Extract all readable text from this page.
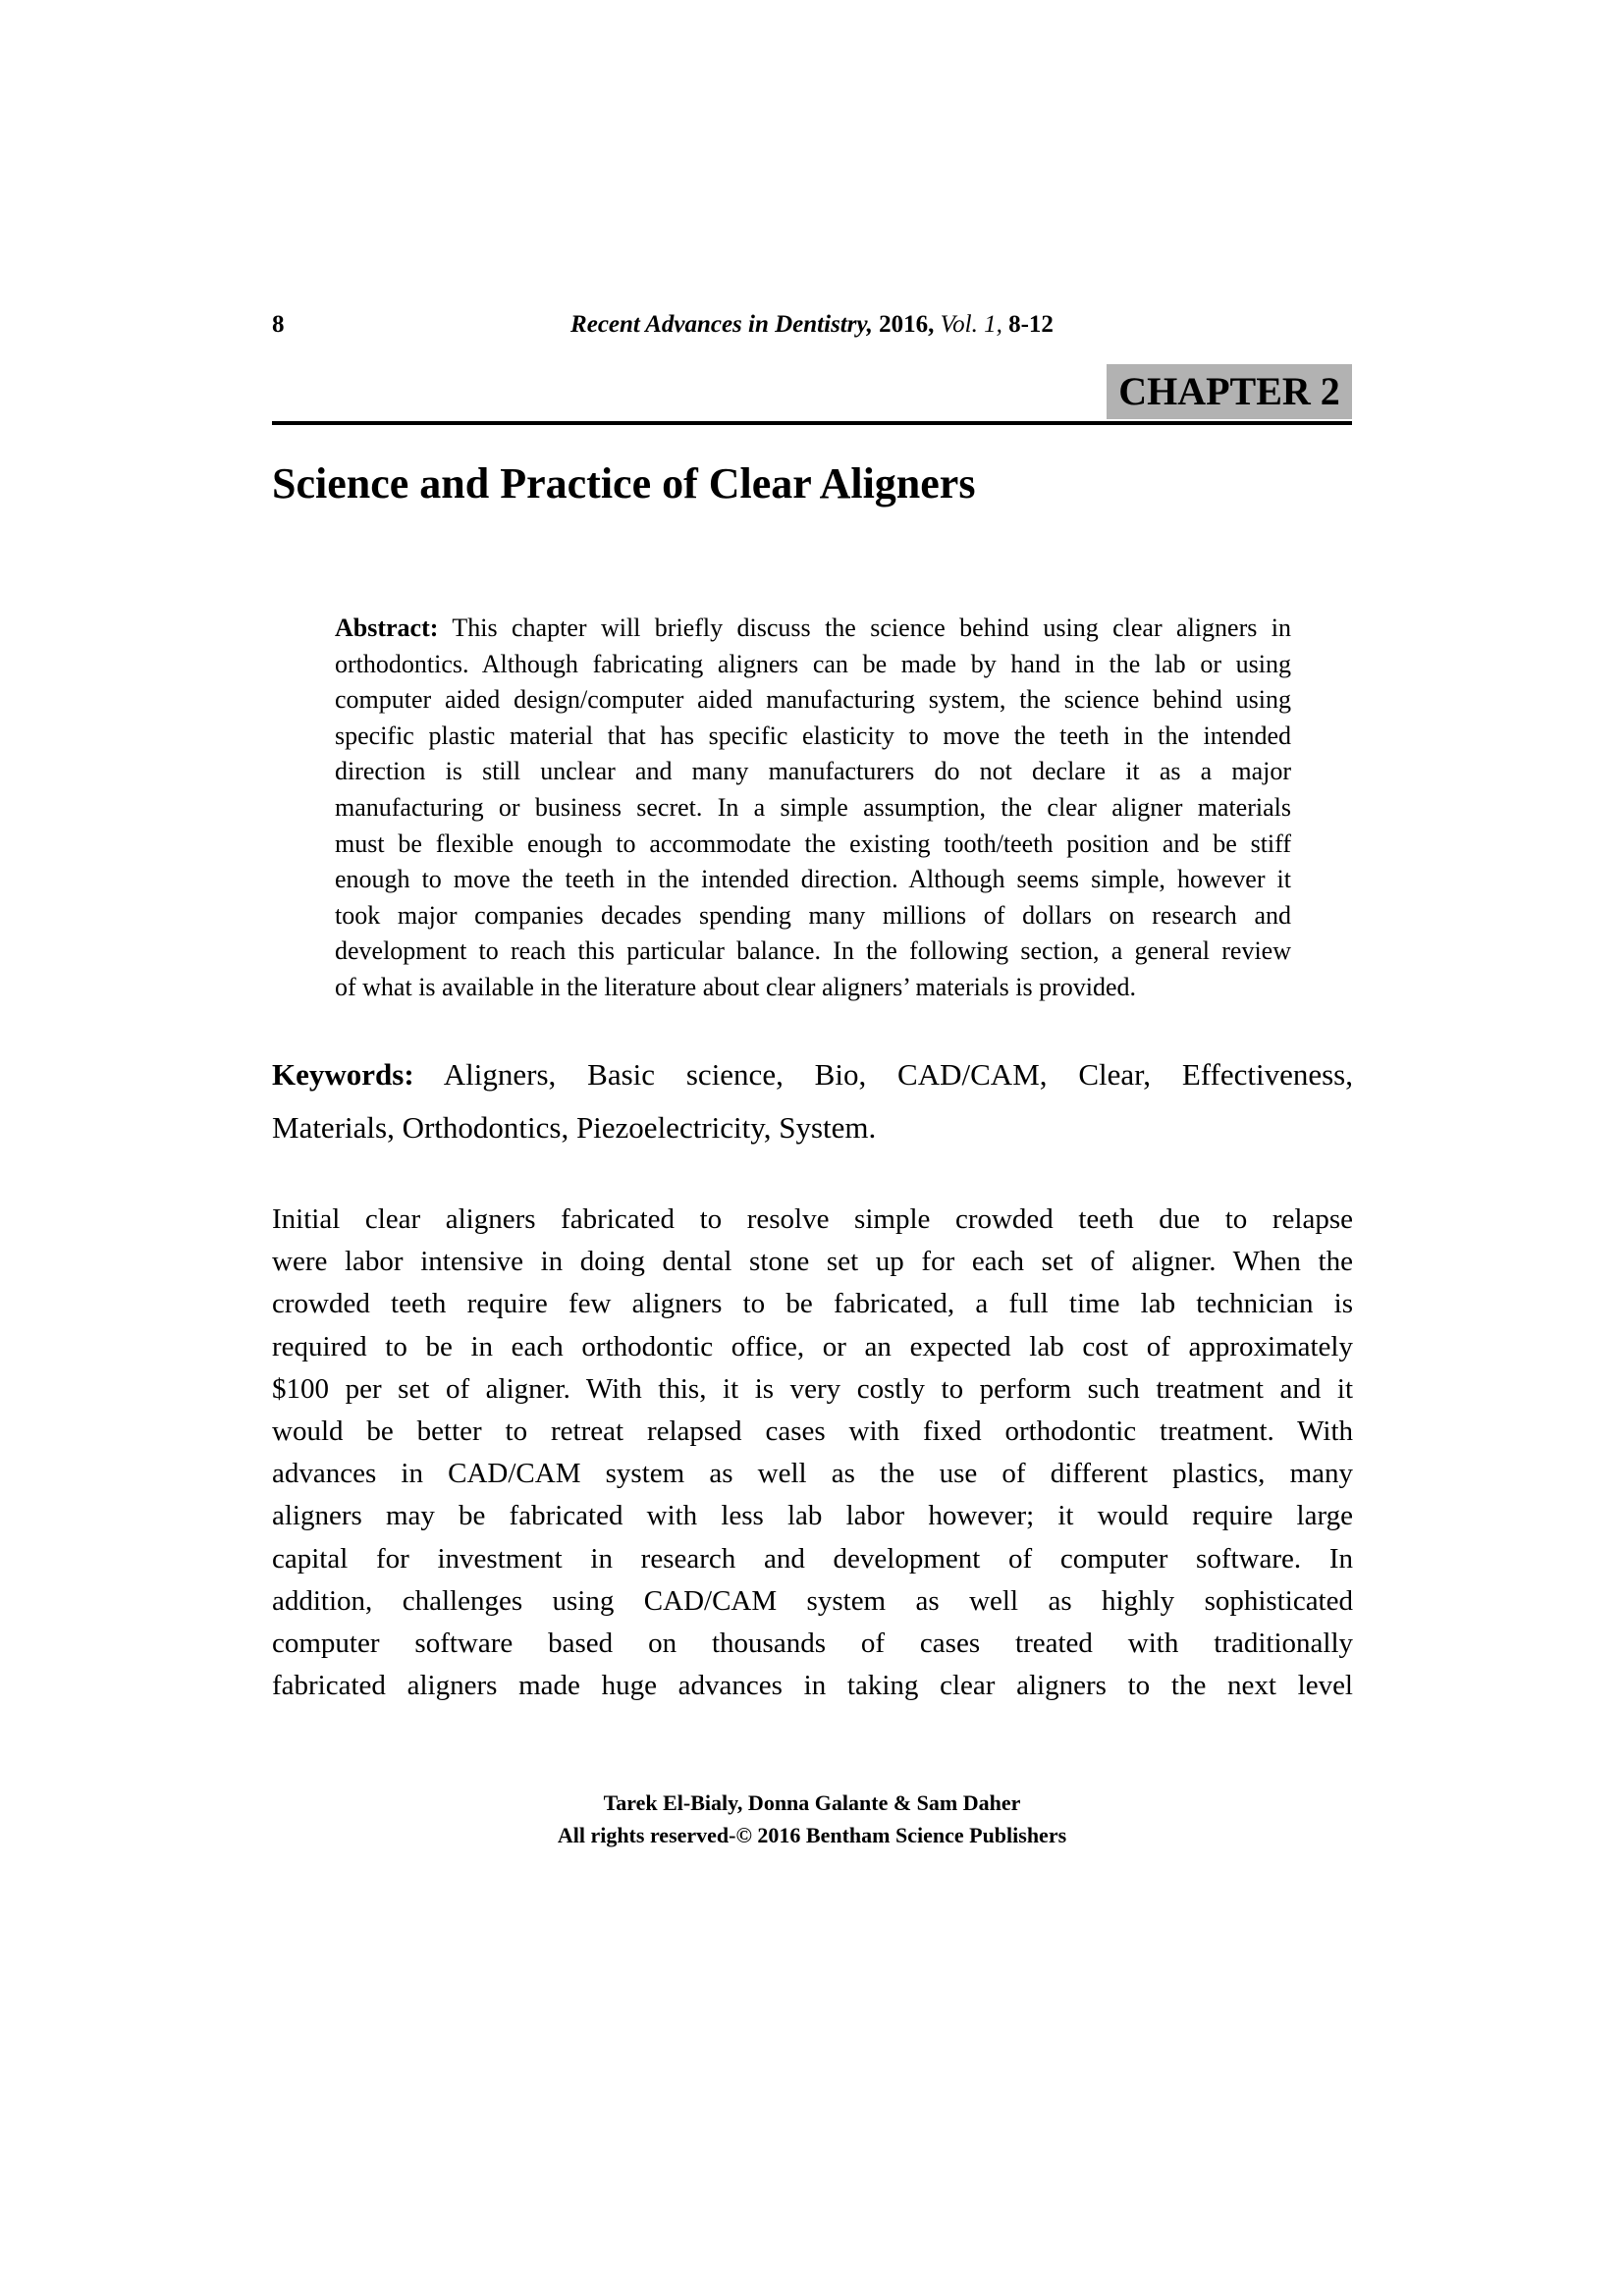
8	Recent Advances in Dentistry, 2016, Vol. 1, 8-12
CHAPTER 2
Science and Practice of Clear Aligners
Abstract: This chapter will briefly discuss the science behind using clear aligners in
orthodontics. Although fabricating aligners can be made by hand in the lab or using
computer aided design/computer aided manufacturing system, the science behind using
specific plastic material that has specific elasticity to move the teeth in the intended
direction is still unclear and many manufacturers do not declare it as a major
manufacturing or business secret. In a simple assumption, the clear aligner materials
must be flexible enough to accommodate the existing tooth/teeth position and be stiff
enough to move the teeth in the intended direction. Although seems simple, however it
took major companies decades spending many millions of dollars on research and
development to reach this particular balance. In the following section, a general review
of what is available in the literature about clear aligners’ materials is provided.
Keywords: Aligners, Basic science, Bio, CAD/CAM, Clear, Effectiveness,
Materials, Orthodontics, Piezoelectricity, System.
Initial clear aligners fabricated to resolve simple crowded teeth due to relapse
were labor intensive in doing dental stone set up for each set of aligner. When the
crowded teeth require few aligners to be fabricated, a full time lab technician is
required to be in each orthodontic office, or an expected lab cost of approximately
$100 per set of aligner. With this, it is very costly to perform such treatment and it
would be better to retreat relapsed cases with fixed orthodontic treatment. With
advances in CAD/CAM system as well as the use of different plastics, many
aligners may be fabricated with less lab labor however; it would require large
capital for investment in research and development of computer software. In
addition, challenges using CAD/CAM system as well as highly sophisticated
computer software based on thousands of cases treated with traditionally
fabricated aligners made huge advances in taking clear aligners to the next level
Tarek El-Bialy, Donna Galante & Sam Daher
All rights reserved-© 2016 Bentham Science Publishers
